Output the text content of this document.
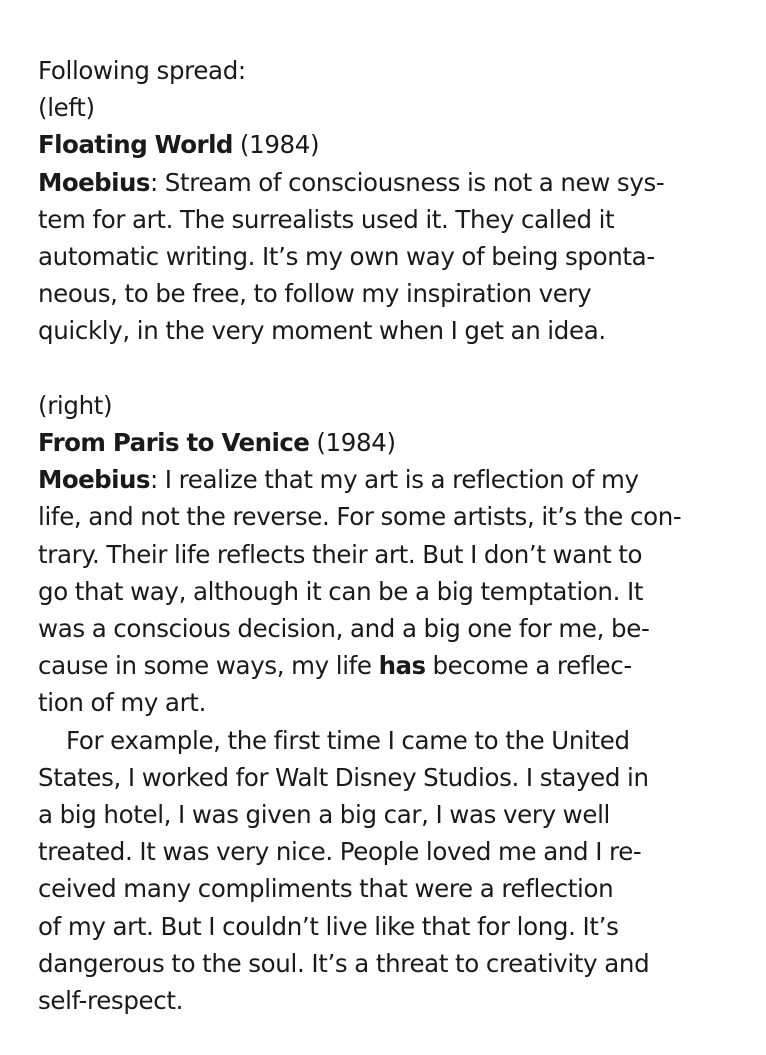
Following spread:
(left)
Floating World (1984)
Moebius: Stream of consciousness is not a new sys-
tem for art. The surrealists used it. They called it
automatic writing. It’s my own way of being sponta-
neous, to be free, to follow my inspiration very
quickly, in the very moment when I get an idea.
(right)
From Paris to Venice (1984)
Moebius: I realize that my art is a reflection of my
life, and not the reverse. For some artists, it’s the con-
trary. Their life reflects their art. But I don’t want to
go that way, although it can be a big temptation. It
was a conscious decision, and a big one for me, be-
cause in some ways, my life has become a reflec-
tion of my art.
For example, the first time I came to the United
States, I worked for Walt Disney Studios. I stayed in
a big hotel, I was given a big car, I was very well
treated. It was very nice. People loved me and I re-
ceived many compliments that were a reflection
of my art. But I couldn’t live like that for long. It’s
dangerous to the soul. It’s a threat to creativity and
self-respect.
